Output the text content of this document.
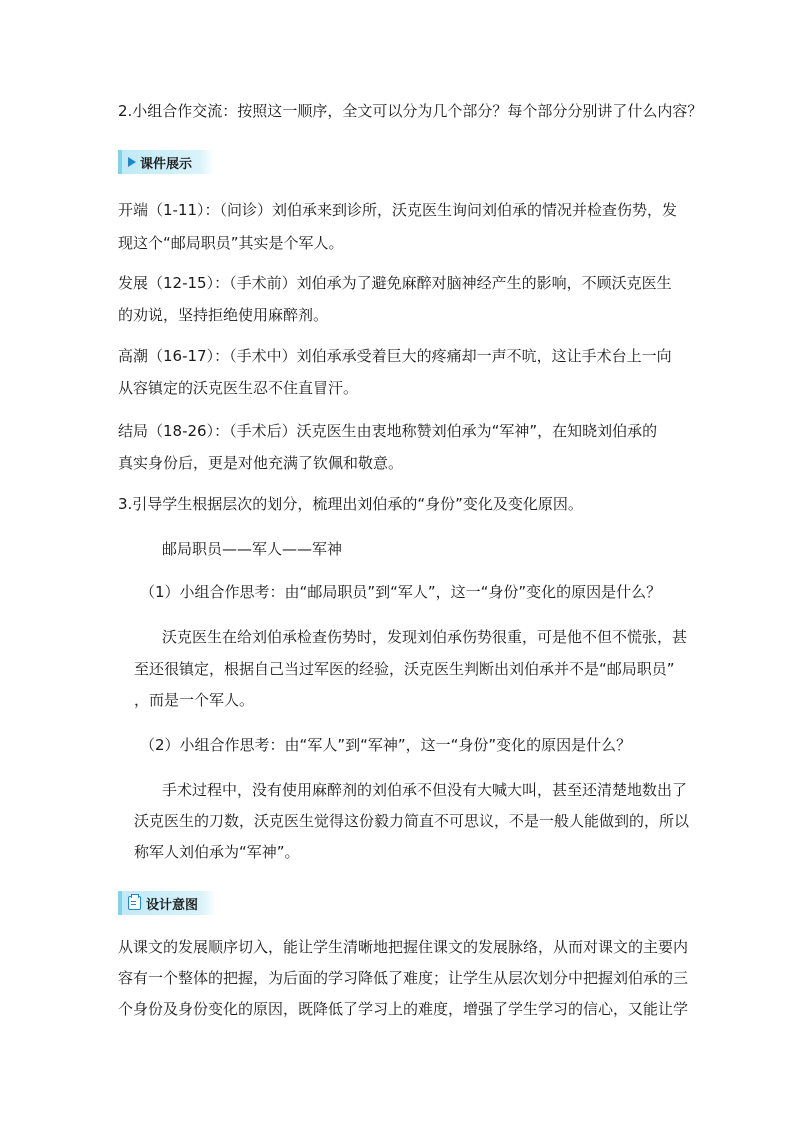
2.小组合作交流：按照这一顺序，全文可以分为几个部分？每个部分分别讲了什么内容？
课件展示
开端（1-11）：（问诊）刘伯承来到诊所，沃克医生询问刘伯承的情况并检查伤势，发
现这个“邮局职员”其实是个军人。
发展（12-15）：（手术前）刘伯承为了避免麻醉对脑神经产生的影响，不顾沃克医生
的劝说，坚持拒绝使用麻醉剂。
高潮（16-17）：（手术中）刘伯承承受着巨大的疼痛却一声不吭，这让手术台上一向
从容镇定的沃克医生忍不住直冒汗。
结局（18-26）：（手术后）沃克医生由衷地称赞刘伯承为“军神”，在知晓刘伯承的
真实身份后，更是对他充满了钦佩和敬意。
3.引导学生根据层次的划分，梳理出刘伯承的“身份”变化及变化原因。
邮局职员——军人——军神
（1）小组合作思考：由“邮局职员”到“军人”，这一“身份”变化的原因是什么？
沃克医生在给刘伯承检查伤势时，发现刘伯承伤势很重，可是他不但不慌张，甚
至还很镇定，根据自己当过军医的经验，沃克医生判断出刘伯承并不是“邮局职员”
，而是一个军人。
（2）小组合作思考：由“军人”到“军神”，这一“身份”变化的原因是什么？
手术过程中，没有使用麻醉剂的刘伯承不但没有大喊大叫，甚至还清楚地数出了
沃克医生的刀数，沃克医生觉得这份毅力简直不可思议，不是一般人能做到的，所以
称军人刘伯承为“军神”。
设计意图
从课文的发展顺序切入，能让学生清晰地把握住课文的发展脉络，从而对课文的主要内
容有一个整体的把握，为后面的学习降低了难度；让学生从层次划分中把握刘伯承的三
个身份及身份变化的原因，既降低了学习上的难度，增强了学生学习的信心，又能让学
